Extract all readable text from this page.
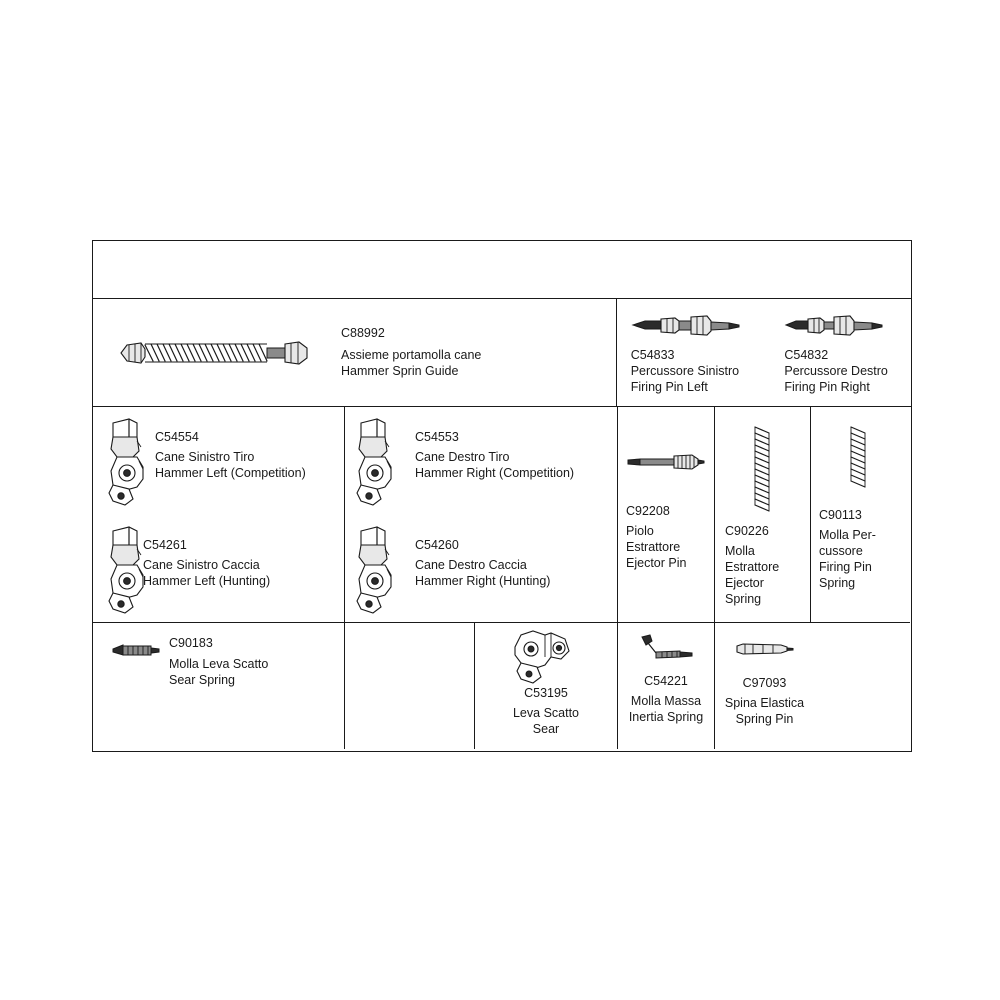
C88992
Assieme portamolla cane
Hammer Sprin Guide
C54833
Percussore Sinistro
Firing Pin Left
C54832
Percussore Destro
Firing Pin Right
C54554
Cane Sinistro Tiro
Hammer Left (Competition)
C54261
Cane Sinistro Caccia
Hammer Left (Hunting)
C54553
Cane Destro Tiro
Hammer Right (Competition)
C54260
Cane Destro Caccia
Hammer Right (Hunting)
C92208
Piolo
Estrattore
Ejector Pin
C90226
Molla
Estrattore
Ejector
Spring
C90113
Molla Per-
cussore
Firing Pin
Spring
C90183
Molla Leva Scatto
Sear Spring
C53195
Leva Scatto
Sear
C54221
Molla Massa
Inertia Spring
C97093
Spina Elastica
Spring Pin
